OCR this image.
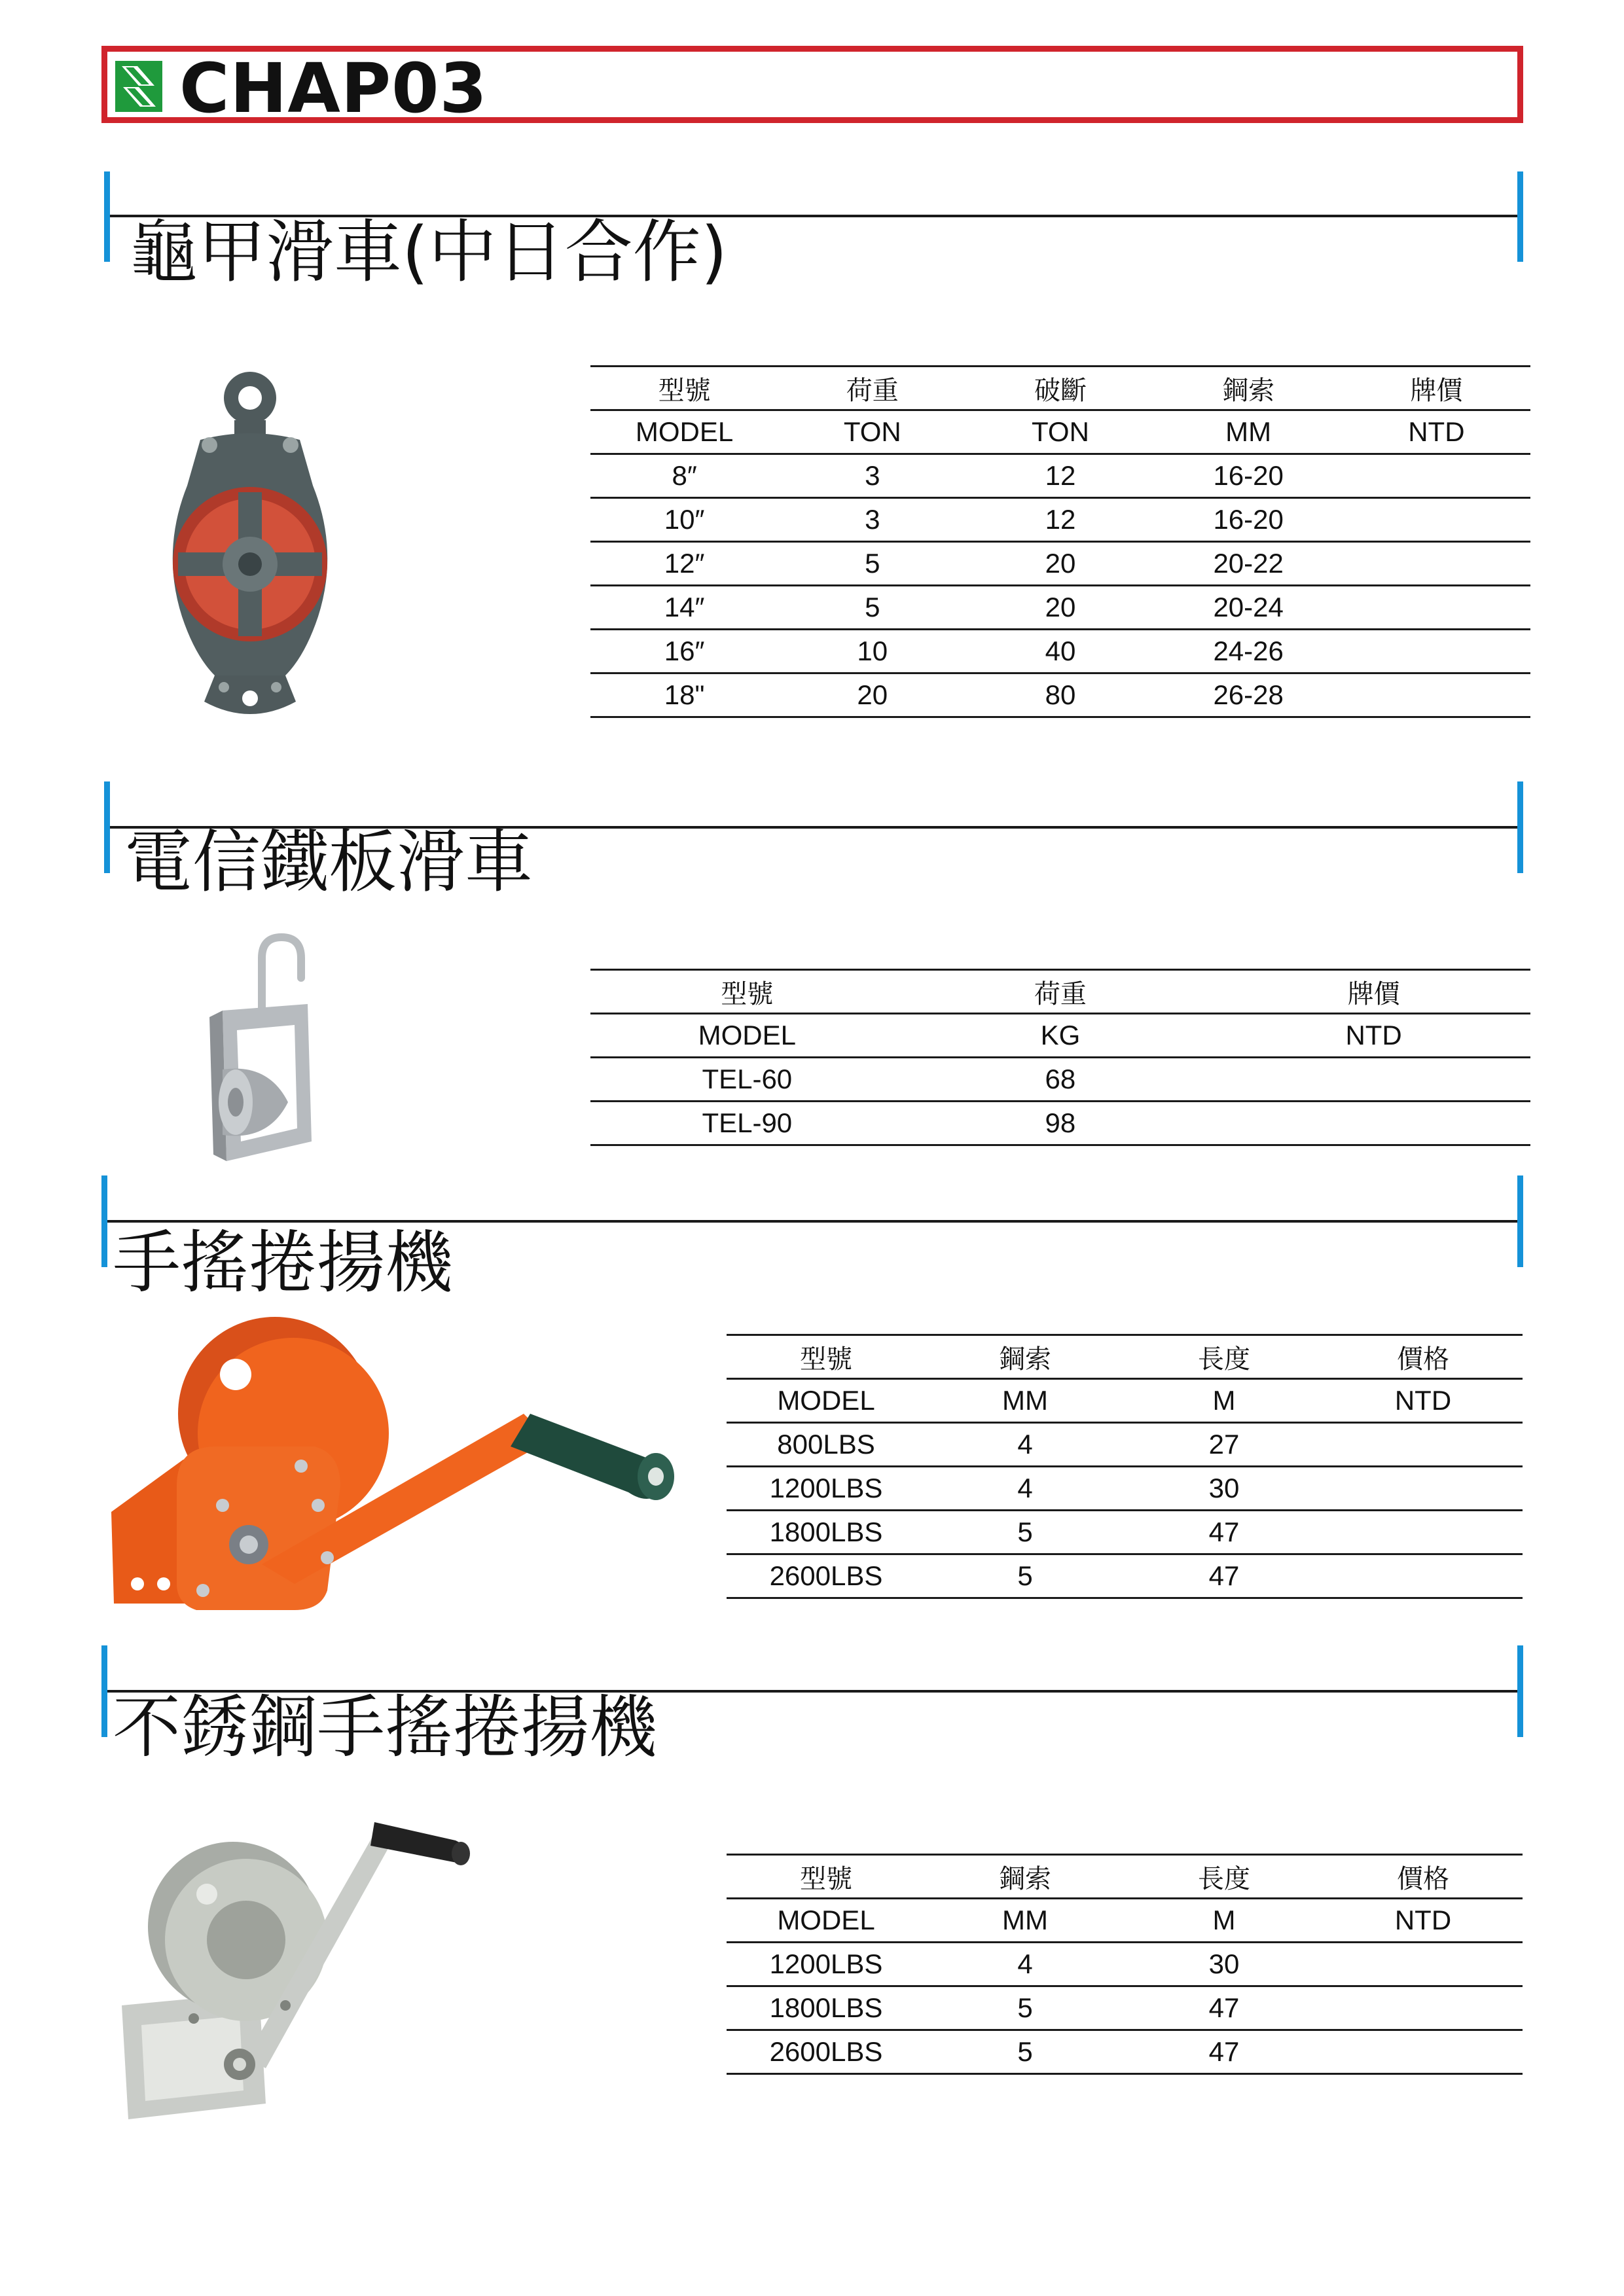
CHAP03
龜甲滑車(中日合作)
型號	荷重	破斷	鋼索	牌價
MODEL	TON	TON	MM	NTD
8″	3	12	16-20	
10″	3	12	16-20	
12″	5	20	20-22	
14″	5	20	20-24	
16″	10	40	24-26	
18"	20	80	26-28	
電信鐵板滑車
型號	荷重	牌價
MODEL	KG	NTD
TEL-60	68	
TEL-90	98	
手搖捲揚機
型號	鋼索	長度	價格
MODEL	MM	M	NTD
800LBS	4	27	
1200LBS	4	30	
1800LBS	5	47	
2600LBS	5	47	
不銹鋼手搖捲揚機
型號	鋼索	長度	價格
MODEL	MM	M	NTD
1200LBS	4	30	
1800LBS	5	47	
2600LBS	5	47	
